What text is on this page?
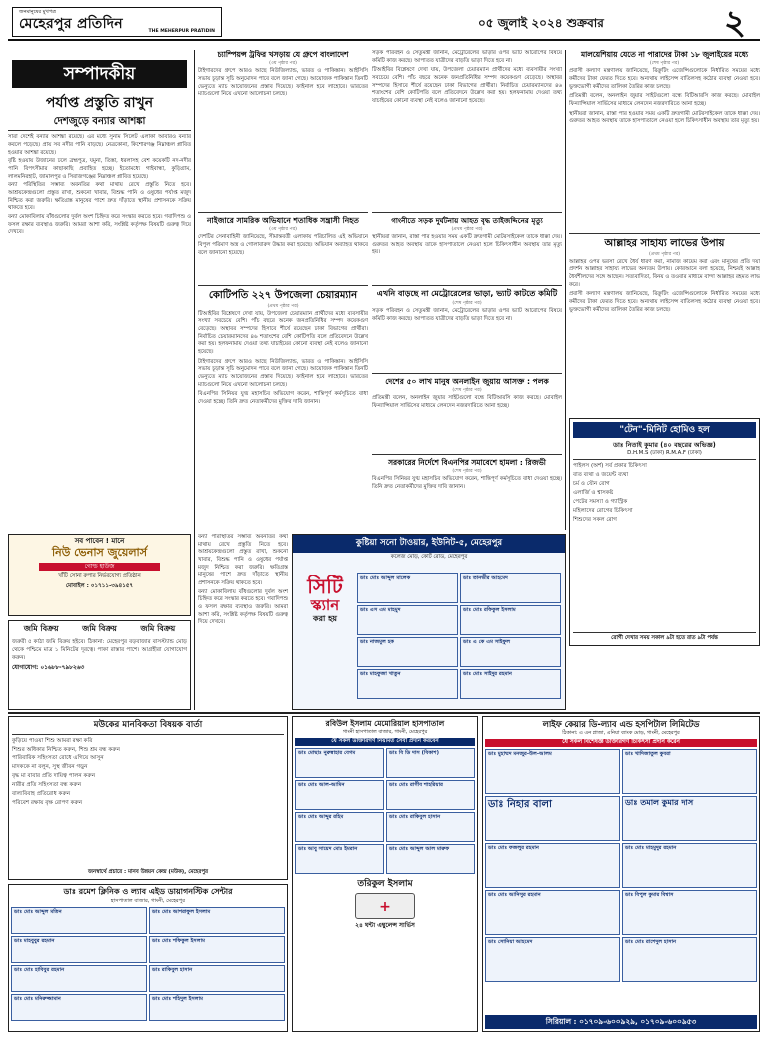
জনমানুষের মুখপত্র
মেহেরপুর প্রতিদিন	THE MEHERPUR PRATIDIN
০৫ জুলাই ২০২৪ শুক্রবার	২
সম্পাদকীয়
পর্যাপ্ত প্রস্তুতি রাখুন
দেশজুড়ে বন্যার আশঙ্কা

সারা দেশেই বন্যার আশঙ্কা রয়েছে। এর মধ্যে সুনাম সিলেট এলাকা আবারও বন্যার কবলে পড়েছে। প্রায় সব নদীর পানি বাড়ছে। নেত্রকোনা, কিশোরগঞ্জ নিম্নাঞ্চল প্লাবিত হওয়ার আশঙ্কা রয়েছে।

বৃষ্টি হওয়ায় উজানের ঢলে ব্রহ্মপুত্র, যমুনা, তিস্তা, ধরলাসহ বেশ কয়েকটি নদ-নদীর পানি বিপৎসীমার কাছাকাছি প্রবাহিত হচ্ছে। ইতোমধ্যে গাইবান্ধা, কুড়িগ্রাম, লালমনিরহাট, জামালপুর ও সিরাজগঞ্জের নিম্নাঞ্চল প্লাবিত হয়েছে।

বন্যা পরিস্থিতির সম্ভাব্য অবনতির কথা মাথায় রেখে প্রস্তুতি নিতে হবে। আশ্রয়কেন্দ্রগুলো প্রস্তুত রাখা, শুকনো খাবার, বিশুদ্ধ পানি ও ওষুধের পর্যাপ্ত মজুদ নিশ্চিত করা জরুরি। ক্ষতিগ্রস্ত মানুষের পাশে দ্রুত দাঁড়াতে স্থানীয় প্রশাসনকে সক্রিয় থাকতে হবে।

বন্যা মোকাবিলায় বাঁধগুলোর দুর্বল অংশ চিহ্নিত করে সংস্কার করতে হবে। গবাদিপশু ও ফসল রক্ষার ব্যবস্থাও জরুরি। আমরা আশা করি, সংশ্লিষ্ট কর্তৃপক্ষ বিষয়টি গুরুত্ব দিয়ে দেখবে।

চ্যাম্পিয়ন্স ট্রফির খসড়ায় যে গ্রুপে বাংলাদেশ
(৩য় পৃষ্ঠার পর)
টাইগারদের গ্রুপে আরও আছে নিউজিল্যান্ড, ভারত ও পাকিস্তান। আইসিসি সভায় চূড়ান্ত সূচি অনুমোদন পাবে বলে জানা গেছে। আয়োজক পাকিস্তান তিনটি ভেন্যুতে ম্যাচ আয়োজনের প্রস্তাব দিয়েছে। ফাইনাল হবে লাহোরে। ভারতের ম্যাচগুলো নিয়ে এখনো আলোচনা চলছে।
সড়ক পরিবহন ও সেতুমন্ত্রী জানান, মেট্রোরেলের ভাড়ার ওপর ভ্যাট আরোপের বিষয়ে কমিটি কাজ করছে। আপাতত যাত্রীদের বাড়তি ভাড়া দিতে হবে না।
টিআইবির বিশ্লেষণে দেখা যায়, উপজেলা চেয়ারম্যান প্রার্থীদের মধ্যে ব্যবসায়ীর সংখ্যা সবচেয়ে বেশি। পাঁচ বছরে অনেক জনপ্রতিনিধির সম্পদ কয়েকগুণ বেড়েছে। অস্থাবর সম্পদের হিসাবে শীর্ষে রয়েছেন ঢাকা বিভাগের প্রার্থীরা। নির্বাচিত চেয়ারম্যানদের ৪৬ শতাংশের বেশি কোটিপতি বলে প্রতিবেদনে উল্লেখ করা হয়। হলফনামায় দেওয়া তথ্য যাচাইয়ের কোনো ব্যবস্থা নেই বলেও জানানো হয়েছে।
নাইজারে সামরিক অভিযানে শতাধিক সন্ত্রাসী নিহত
(৩য় পৃষ্ঠার পর)
দেশটির সেনাবাহিনী জানিয়েছে, সীমান্তবর্তী এলাকায় পরিচালিত এই অভিযানে বিপুল পরিমাণ অস্ত্র ও গোলাবারুদ উদ্ধার করা হয়েছে। অভিযান অব্যাহত থাকবে বলে জানানো হয়েছে।
কোটিপতি ২২৭ উপজেলা চেয়ারম্যান
(প্রথম পৃষ্ঠার পর)
টিআইবির বিশ্লেষণে দেখা যায়, উপজেলা চেয়ারম্যান প্রার্থীদের মধ্যে ব্যবসায়ীর সংখ্যা সবচেয়ে বেশি। পাঁচ বছরে অনেক জনপ্রতিনিধির সম্পদ কয়েকগুণ বেড়েছে। অস্থাবর সম্পদের হিসাবে শীর্ষে রয়েছেন ঢাকা বিভাগের প্রার্থীরা। নির্বাচিত চেয়ারম্যানদের ৪৬ শতাংশের বেশি কোটিপতি বলে প্রতিবেদনে উল্লেখ করা হয়। হলফনামায় দেওয়া তথ্য যাচাইয়ের কোনো ব্যবস্থা নেই বলেও জানানো হয়েছে।
টাইগারদের গ্রুপে আরও আছে নিউজিল্যান্ড, ভারত ও পাকিস্তান। আইসিসি সভায় চূড়ান্ত সূচি অনুমোদন পাবে বলে জানা গেছে। আয়োজক পাকিস্তান তিনটি ভেন্যুতে ম্যাচ আয়োজনের প্রস্তাব দিয়েছে। ফাইনাল হবে লাহোরে। ভারতের ম্যাচগুলো নিয়ে এখনো আলোচনা চলছে।
বিএনপির সিনিয়র যুগ্ম মহাসচিব অভিযোগ করেন, শান্তিপূর্ণ কর্মসূচিতে বাধা দেওয়া হচ্ছে। তিনি দ্রুত নেতাকর্মীদের মুক্তির দাবি জানান।
গাংনীতে সড়ক দুর্ঘটনায় আহত বৃদ্ধ তাইজদ্দিনের মৃত্যু
(প্রথম পৃষ্ঠার পর)
স্থানীয়রা জানান, রাস্তা পার হওয়ার সময় একটি দ্রুতগামী মোটরসাইকেল তাকে ধাক্কা দেয়। গুরুতর আহত অবস্থায় তাকে হাসপাতালে নেওয়া হলে চিকিৎসাধীন অবস্থায় তার মৃত্যু হয়।
এখনি বাড়ছে না মেট্রোরেলের ভাড়া, ভ্যাট কাটতে কমিটি
(শেষ পৃষ্ঠার পর)
সড়ক পরিবহন ও সেতুমন্ত্রী জানান, মেট্রোরেলের ভাড়ার ওপর ভ্যাট আরোপের বিষয়ে কমিটি কাজ করছে। আপাতত যাত্রীদের বাড়তি ভাড়া দিতে হবে না।
দেশের ৫০ লাখ মানুষ অনলাইন জুয়ায় আসক্ত : পলক
(শেষ পৃষ্ঠার পর)
প্রতিমন্ত্রী বলেন, অনলাইন জুয়ার সাইটগুলো বন্ধে বিটিআরসি কাজ করছে। মোবাইল ফিন্যান্সিয়াল সার্ভিসের মাধ্যমে লেনদেন নজরদারিতে আনা হচ্ছে।
সরকারের নির্দেশে বিএনপির সমাবেশে হামলা : রিজভী
(শেষ পৃষ্ঠার পর)
বিএনপির সিনিয়র যুগ্ম মহাসচিব অভিযোগ করেন, শান্তিপূর্ণ কর্মসূচিতে বাধা দেওয়া হচ্ছে। তিনি দ্রুত নেতাকর্মীদের মুক্তির দাবি জানান।
মালয়েশিয়ায় যেতে না পারাদের টাকা ১৮ জুলাইয়ের মধ্যে
(শেষ পৃষ্ঠার পর)
প্রবাসী কল্যাণ মন্ত্রণালয় জানিয়েছে, রিক্রুটিং এজেন্সিগুলোকে নির্ধারিত সময়ের মধ্যে কর্মীদের টাকা ফেরত দিতে হবে। অন্যথায় লাইসেন্স বাতিলসহ কঠোর ব্যবস্থা নেওয়া হবে। ভুক্তভোগী কর্মীদের তালিকা তৈরির কাজ চলছে।
প্রতিমন্ত্রী বলেন, অনলাইন জুয়ার সাইটগুলো বন্ধে বিটিআরসি কাজ করছে। মোবাইল ফিন্যান্সিয়াল সার্ভিসের মাধ্যমে লেনদেন নজরদারিতে আনা হচ্ছে।
স্থানীয়রা জানান, রাস্তা পার হওয়ার সময় একটি দ্রুতগামী মোটরসাইকেল তাকে ধাক্কা দেয়। গুরুতর আহত অবস্থায় তাকে হাসপাতালে নেওয়া হলে চিকিৎসাধীন অবস্থায় তার মৃত্যু হয়।
আল্লাহর সাহায্য লাভের উপায়
(প্রথম পৃষ্ঠার পর)
আল্লাহর ওপর ভরসা রেখে ধৈর্য ধারণ করা, নামাজ কায়েম করা এবং মানুষের প্রতি দয়া প্রদর্শন আল্লাহর সাহায্য লাভের অন্যতম উপায়। কোরআনে বলা হয়েছে, নিশ্চয়ই আল্লাহ ধৈর্যশীলদের সঙ্গে আছেন। সত্যবাদিতা, বিনয় ও তওবার মাধ্যমে বান্দা আল্লাহর রহমত লাভ করে।
প্রবাসী কল্যাণ মন্ত্রণালয় জানিয়েছে, রিক্রুটিং এজেন্সিগুলোকে নির্ধারিত সময়ের মধ্যে কর্মীদের টাকা ফেরত দিতে হবে। অন্যথায় লাইসেন্স বাতিলসহ কঠোর ব্যবস্থা নেওয়া হবে। ভুক্তভোগী কর্মীদের তালিকা তৈরির কাজ চলছে।
"টেন"-মিনিট হোমিও হল
ডাঃ নিতাই কুমার (৪০ বছরের অভিজ্ঞ)
D.H.M.S (ঢাকা) R.M.A.F (ঢাকা)

পাইলস (অর্শ) সর্ব প্রকার চিকিৎসা

বাত ব্যথা ও জয়েন্ট ব্যথা

চর্ম ও যৌন রোগ

এলার্জি ও শ্বাসকষ্ট

পেটের সমস্যা ও গ্যাস্ট্রিক

মহিলাদের রোগের চিকিৎসা

শিশুদের সকল রোগ

রোগী দেখার সময় সকাল ৯টা হতে রাত ৯টা পর্যন্ত
সব পাবেন ! মানে
নিউ ভেনাস জুয়েলার্স
গোল্ড হাউজ
খাঁটি সোনা রুপার নির্ভরযোগ্য প্রতিষ্ঠান
মোবাইল : ০১৭১১-৩৯৪১৫৭
জমি বিক্রয়	জমি বিক্রয়	জমি বিক্রয়
জরুরী ৫ কাঠা জমি বিক্রয় হইবে। ঠিকানা: মেহেরপুর বড়বাজার বাসস্ট্যান্ড মোড় থেকে পশ্চিমে মাত্র ১ মিনিটের দূরত্বে। পাকা রাস্তার পাশে। আগ্রহীরা যোগাযোগ করুন।
যোগাযোগ: ০১৬৮৮-৭৯৮২৬৩
কুষ্টিয়া সনো টাওয়ার, ইউনিট-৫, মেহেরপুর
কলেজ মোড়, কোর্ট রোড, মেহেরপুর
সিটি
স্ক্যান
করা হয়
ডাঃ মোঃ আব্দুল মালেক	ডাঃ তানভীর আহমেদ
ডাঃ এস এম মাহমুদ	ডাঃ মোঃ রফিকুল ইসলাম
ডাঃ নাজমুল হক	ডাঃ এ কে এম সাইফুল
ডাঃ মাহফুজা খাতুন	ডাঃ মোঃ সাইদুর রহমান

বন্যা পরিস্থিতির সম্ভাব্য অবনতির কথা মাথায় রেখে প্রস্তুতি নিতে হবে। আশ্রয়কেন্দ্রগুলো প্রস্তুত রাখা, শুকনো খাবার, বিশুদ্ধ পানি ও ওষুধের পর্যাপ্ত মজুদ নিশ্চিত করা জরুরি। ক্ষতিগ্রস্ত মানুষের পাশে দ্রুত দাঁড়াতে স্থানীয় প্রশাসনকে সক্রিয় থাকতে হবে।

বন্যা মোকাবিলায় বাঁধগুলোর দুর্বল অংশ চিহ্নিত করে সংস্কার করতে হবে। গবাদিপশু ও ফসল রক্ষার ব্যবস্থাও জরুরি। আমরা আশা করি, সংশ্লিষ্ট কর্তৃপক্ষ বিষয়টি গুরুত্ব দিয়ে দেখবে।

মউকের মানবিকতা বিষয়ক বার্তা

কুড়িয়ে পাওয়া শিশু আমরা রক্ষা করি

শিশুর অধিকার নিশ্চিত করুন, শিশু শ্রম বন্ধ করুন

পারিবারিক সহিংসতা রোধে এগিয়ে আসুন

মাদককে না বলুন, সুস্থ জীবন গড়ুন

বৃদ্ধ মা বাবার প্রতি দায়িত্ব পালন করুন

নারীর প্রতি সহিংসতা বন্ধ করুন

বাল্যবিবাহ প্রতিরোধ করুন

পরিবেশ রক্ষায় বৃক্ষ রোপণ করুন

জনস্বার্থে প্রচারে : মানব উন্নয়ন কেন্দ্র (মউক), মেহেরপুর
ডাঃ রমেশ ক্লিনিক ও ল্যাব এইড ডায়াগনস্টিক সেন্টার
হাসপাতাল বাজার, গাংনী, মেহেরপুর
ডাঃ মোঃ আব্দুল মতিন	ডাঃ মোঃ আশরাফুল ইসলাম
ডাঃ মাহবুবুর রহমান	ডাঃ মোঃ শফিকুল ইসলাম
ডাঃ মোঃ হাবিবুর রহমান	ডাঃ রাকিবুল হাসান
ডাঃ মোঃ মনিরুজ্জামান	ডাঃ মোঃ শহিদুল ইসলাম
রবিউল ইসলাম মেমোরিয়াল হাসপাতাল
গাংনী হাসপাতাল বাজার, গাংনী, মেহেরপুর
যে সকল ডাক্তারগণ নিয়মিত সেবা প্রদান করবেন
ডাঃ মোছাঃ নুরুন্নাহার বেগম	ডাঃ বি ডি দাস (বিকাশ)
ডাঃ মোঃ আল-আমিন	ডাঃ মোঃ রাগীব শাহরিয়ার
ডাঃ মোঃ আব্দুর রহিম	ডাঃ মোঃ রাকিবুল হাসান
ডাঃ আবু সায়েদ মোঃ ইমরান	ডাঃ মোঃ আব্দুল আল মারুফ
তরিকুল ইসলাম
+
২৪ ঘন্টা এম্বুলেন্স সার্ভিস
লাইফ কেয়ার ডি-ল্যাব এন্ড হসপিটাল লিমিটেড
ঠিকানা: এ এন প্লাজা, এনিয়া ব্যাংক মোড়, গাংনী, মেহেরপুর
যে সকল বিশেষজ্ঞ ডাক্তারগণ চিকিৎসা প্রদান করেন
ডাঃ মুহাম্মদ মনজুর-উল-আলম	ডাঃ খাদিজাতুল কুবরা
ডাঃ নিহার বালা	ডাঃ তমাল কুমার দাস
ডাঃ মোঃ ফজলুর রহমান	ডাঃ মোঃ মাহমুদুর রহমান
ডাঃ মোঃ আনিসুর রহমান	ডাঃ বিপুল কুমার বিশ্বাস
ডাঃ সোনিয়া আহমেদ	ডাঃ মোঃ রাশেদুল হাসান
সিরিয়াল : ০১৭০৯-৬০০৯২৯, ০১৭০৯-৬০০৯৫৩
